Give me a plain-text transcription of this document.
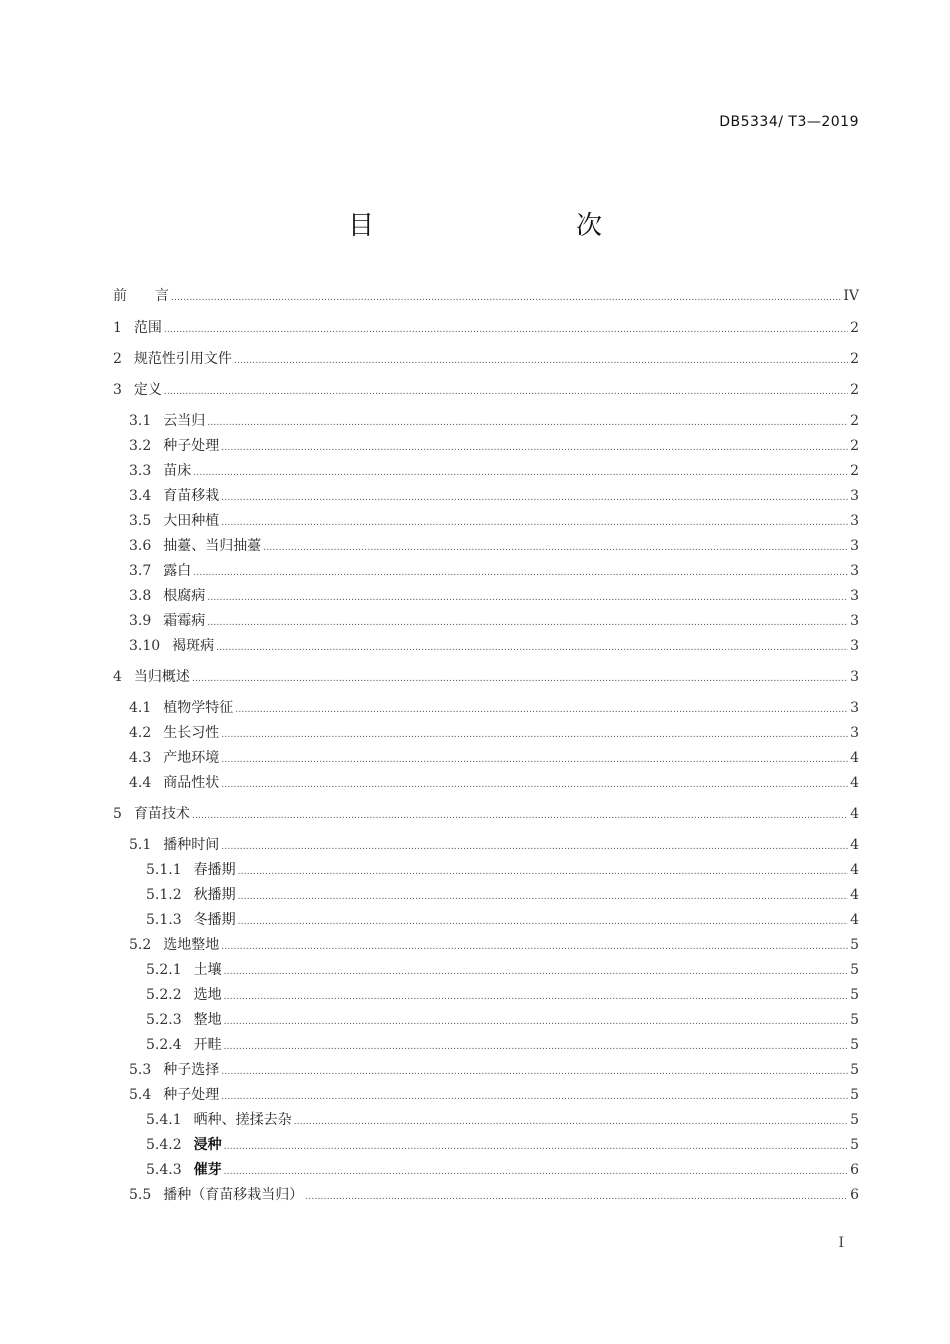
DB5334/ T3—2019
目　　次
前 　　言 .....	IV
1 范围 .....	2
2 规范性引用文件 .....	2
3 定义 .....	2
3.1 云当归 .....	2
3.2 种子处理 .....	2
3.3 苗床 .....	2
3.4 育苗移栽 .....	3
3.5 大田种植 .....	3
3.6 抽薹、当归抽薹 .....	3
3.7 露白 .....	3
3.8 根腐病 .....	3
3.9 霜霉病 .....	3
3.10 褐斑病 .....	3
4 当归概述 .....	3
4.1 植物学特征 .....	3
4.2 生长习性 .....	3
4.3 产地环境 .....	4
4.4 商品性状 .....	4
5 育苗技术 .....	4
5.1 播种时间 .....	4
5.1.1 春播期 .....	4
5.1.2 秋播期 .....	4
5.1.3 冬播期 .....	4
5.2 选地整地 .....	5
5.2.1 土壤 .....	5
5.2.2 选地 .....	5
5.2.3 整地 .....	5
5.2.4 开畦 .....	5
5.3 种子选择 .....	5
5.4 种子处理 .....	5
5.4.1 晒种、搓揉去杂 .....	5
5.4.2 浸种 .....	5
5.4.3 催芽 .....	6
5.5 播种（育苗移栽当归） .....	6
I
